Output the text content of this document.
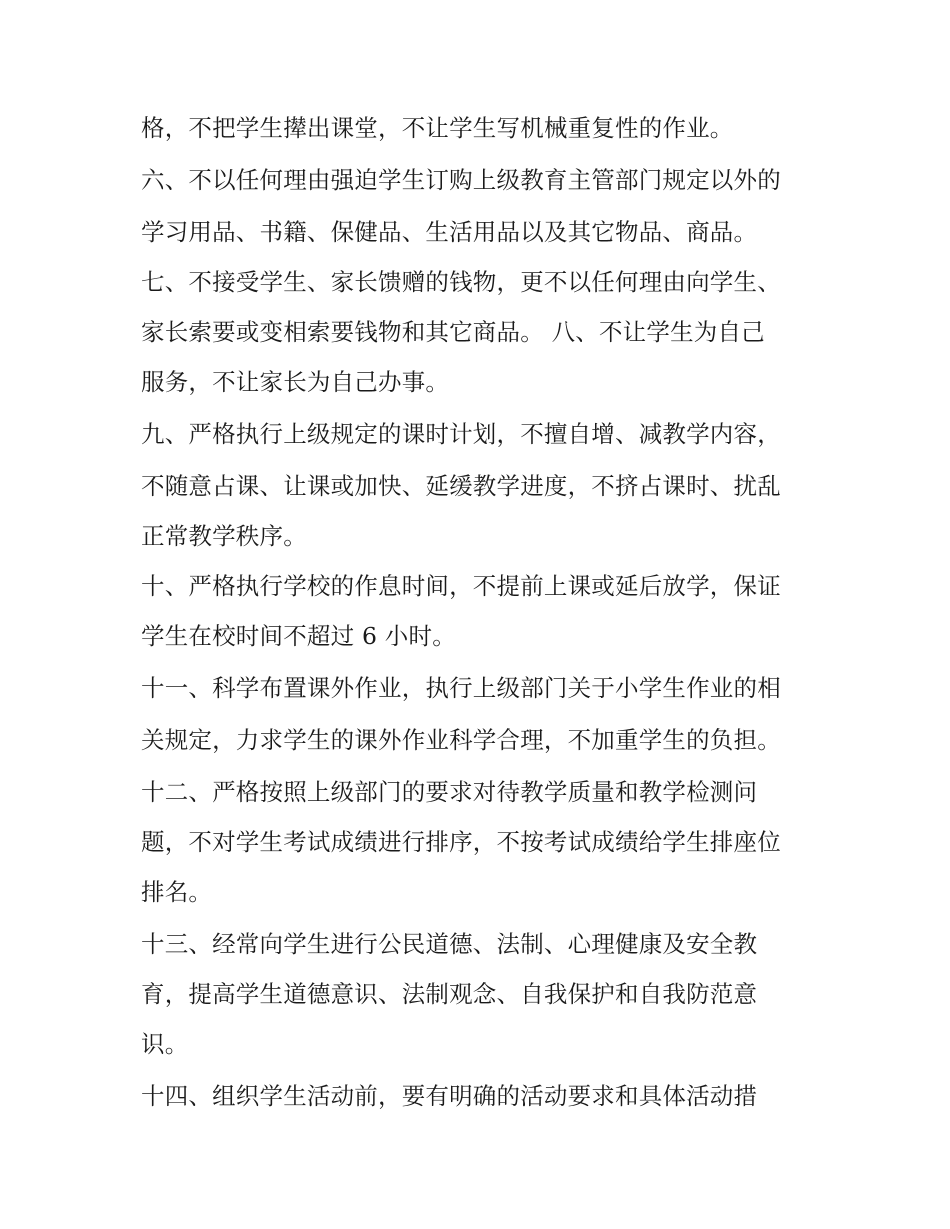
格，不把学生撵出课堂，不让学生写机械重复性的作业。
六、不以任何理由强迫学生订购上级教育主管部门规定以外的
学习用品、书籍、保健品、生活用品以及其它物品、商品。
七、不接受学生、家长馈赠的钱物，更不以任何理由向学生、
家长索要或变相索要钱物和其它商品。 八、不让学生为自己
服务，不让家长为自己办事。
九、严格执行上级规定的课时计划，不擅自增、减教学内容，
不随意占课、让课或加快、延缓教学进度，不挤占课时、扰乱
正常教学秩序。
十、严格执行学校的作息时间，不提前上课或延后放学，保证
学生在校时间不超过 6 小时。
十一、科学布置课外作业，执行上级部门关于小学生作业的相
关规定，力求学生的课外作业科学合理，不加重学生的负担。
十二、严格按照上级部门的要求对待教学质量和教学检测问
题，不对学生考试成绩进行排序，不按考试成绩给学生排座位
排名。
十三、经常向学生进行公民道德、法制、心理健康及安全教
育，提高学生道德意识、法制观念、自我保护和自我防范意
识。
十四、组织学生活动前，要有明确的活动要求和具体活动措
